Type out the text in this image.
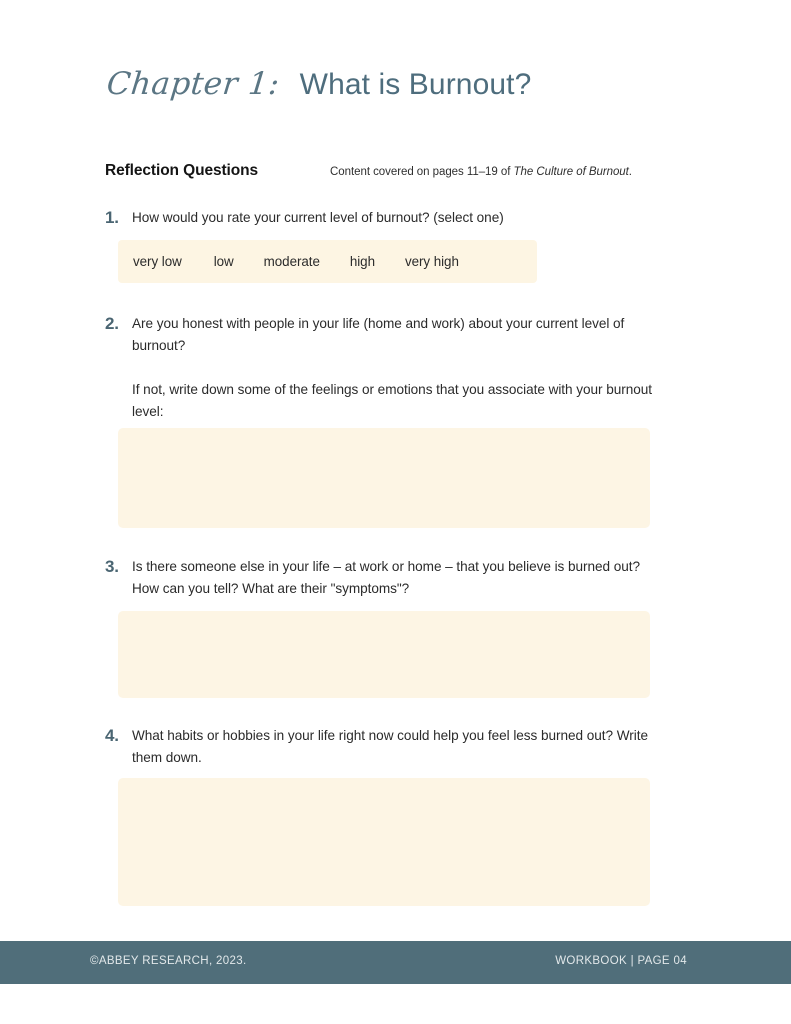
Chapter 1: What is Burnout?
Reflection Questions	Content covered on pages 11–19 of The Culture of Burnout.
1. How would you rate your current level of burnout? (select one)
very low low moderate high very high
2. Are you honest with people in your life (home and work) about your current level of burnout?
If not, write down some of the feelings or emotions that you associate with your burnout level:
3. Is there someone else in your life – at work or home – that you believe is burned out? How can you tell? What are their "symptoms"?
4. What habits or hobbies in your life right now could help you feel less burned out? Write them down.
©ABBEY RESEARCH, 2023.	WORKBOOK | PAGE 04
